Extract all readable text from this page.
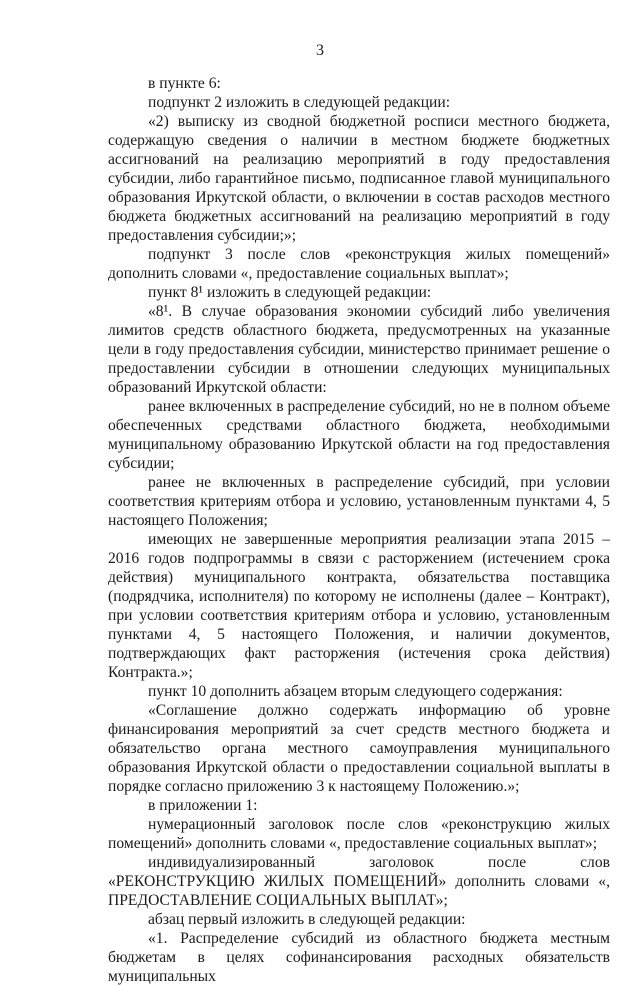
3

в пункте 6:

подпункт 2 изложить в следующей редакции:

«2) выписку из сводной бюджетной росписи местного бюджета, содержащую сведения о наличии в местном бюджете бюджетных ассигнований на реализацию мероприятий в году предоставления субсидии, либо гарантийное письмо, подписанное главой муниципального образования Иркутской области, о включении в состав расходов местного бюджета бюджетных ассигнований на реализацию мероприятий в году предоставления субсидии;»;

подпункт 3 после слов «реконструкция жилых помещений» дополнить словами «, предоставление социальных выплат»;

пункт 8¹ изложить в следующей редакции:

«8¹. В случае образования экономии субсидий либо увеличения лимитов средств областного бюджета, предусмотренных на указанные цели в году предоставления субсидии, министерство принимает решение о предоставлении субсидии в отношении следующих муниципальных образований Иркутской области:

ранее включенных в распределение субсидий, но не в полном объеме обеспеченных средствами областного бюджета, необходимыми муниципальному образованию Иркутской области на год предоставления субсидии;

ранее не включенных в распределение субсидий, при условии соответствия критериям отбора и условию, установленным пунктами 4, 5 настоящего Положения;

имеющих не завершенные мероприятия реализации этапа 2015 – 2016 годов подпрограммы в связи с расторжением (истечением срока действия) муниципального контракта, обязательства поставщика (подрядчика, исполнителя) по которому не исполнены (далее – Контракт), при условии соответствия критериям отбора и условию, установленным пунктами 4, 5 настоящего Положения, и наличии документов, подтверждающих факт расторжения (истечения срока действия) Контракта.»;

пункт 10 дополнить абзацем вторым следующего содержания:

«Соглашение должно содержать информацию об уровне финансирования мероприятий за счет средств местного бюджета и обязательство органа местного самоуправления муниципального образования Иркутской области о предоставлении социальной выплаты в порядке согласно приложению 3 к настоящему Положению.»;

в приложении 1:

нумерационный заголовок после слов «реконструкцию жилых помещений» дополнить словами «, предоставление социальных выплат»;

индивидуализированный заголовок после слов «РЕКОНСТРУКЦИЮ ЖИЛЫХ ПОМЕЩЕНИЙ» дополнить словами «, ПРЕДОСТАВЛЕНИЕ СОЦИАЛЬНЫХ ВЫПЛАТ»;

абзац первый изложить в следующей редакции:

«1. Распределение субсидий из областного бюджета местным бюджетам в целях софинансирования расходных обязательств муниципальных
